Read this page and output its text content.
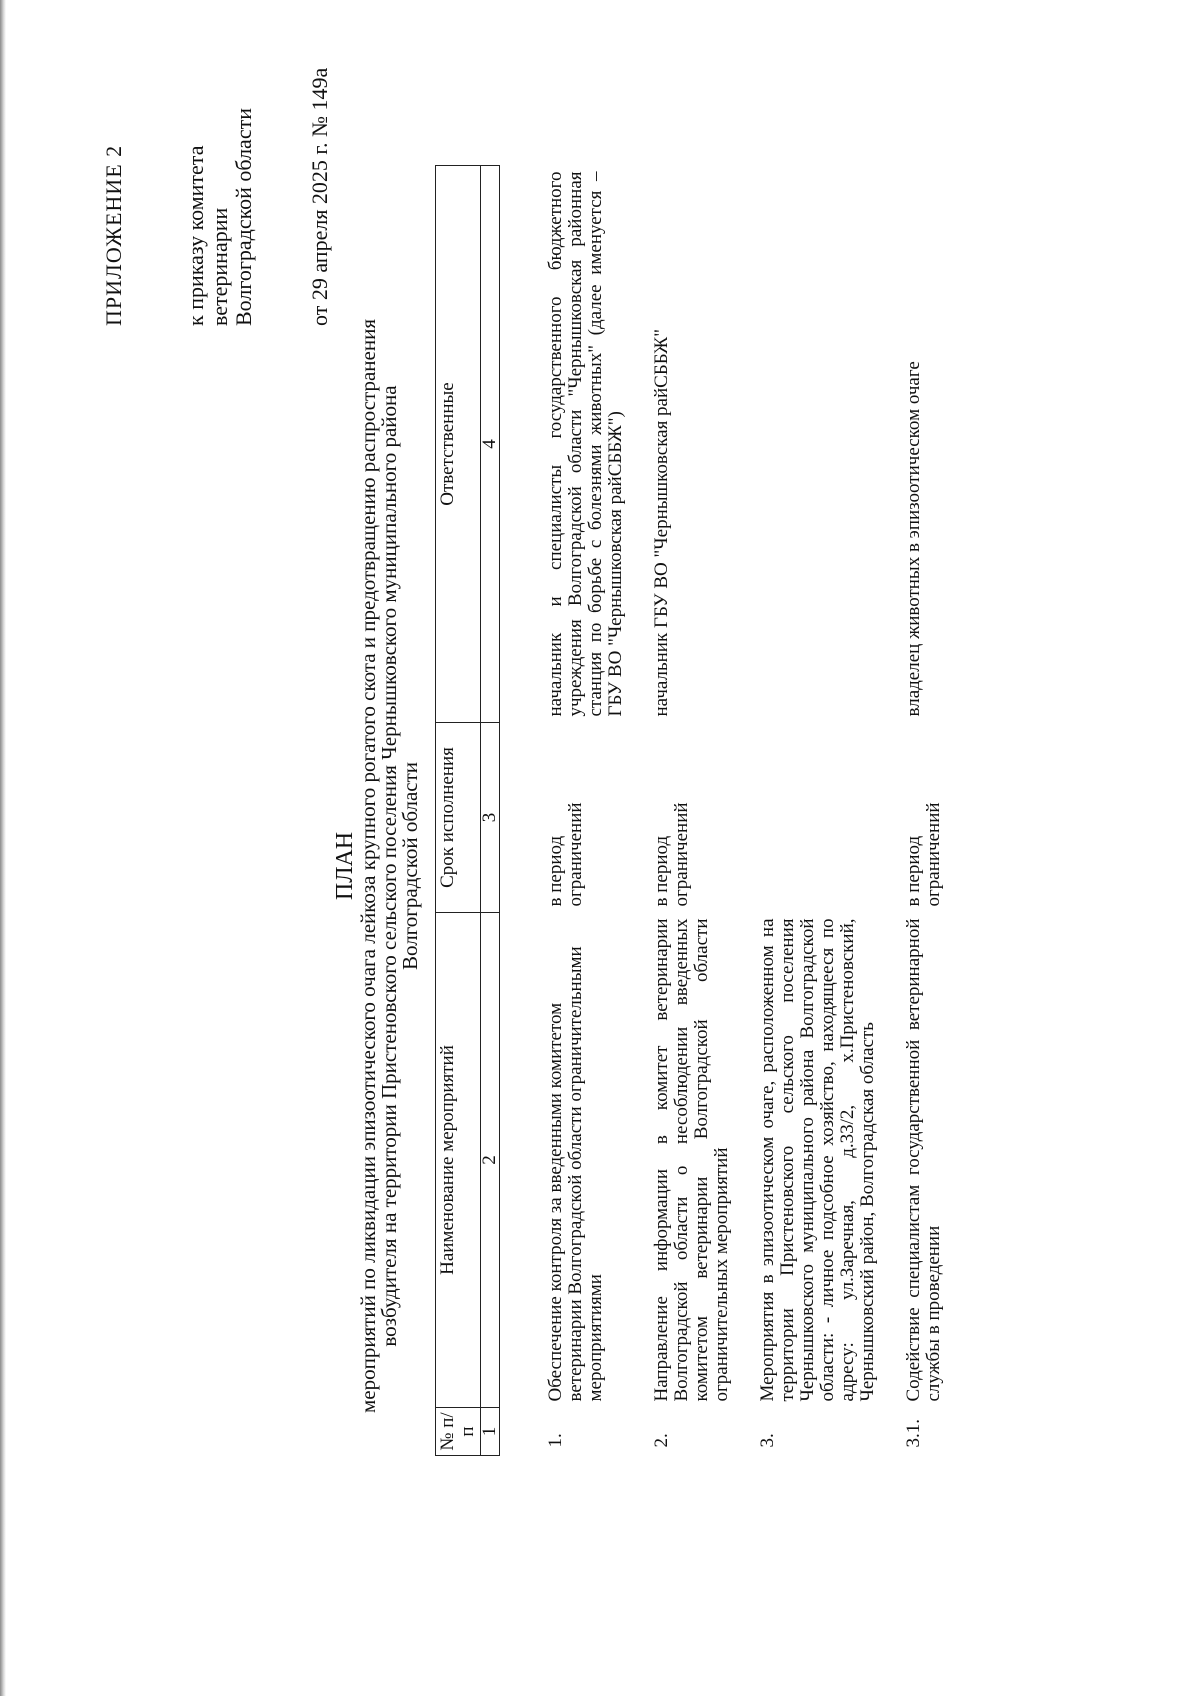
ПРИЛОЖЕНИЕ 2	к приказу комитета ветеринарии Волгоградской области от 29 апреля 2025 г. № 149а
ПЛАН
мероприятий по ликвидации эпизоотического очага лейкоза крупного рогатого скота и предотвращению распространения
возбудителя на территории Пристеновского сельского поселения Чернышковского муниципального района
Волгоградской области
№ п/п	Наименование мероприятий	Срок исполнения	Ответственные
1	2	3	4
1.	Обеспечение контроля за введенными комитетом ветеринарии Волгоградской области ограничительными мероприятиями	в период ограничений	начальник и специалисты государственного бюджетного учреждения Волгоградской области "Чернышковская районная станция по борьбе с болезнями животных" (далее именуется – ГБУ ВО "Чернышковская райСББЖ")
2.	Направление информации в комитет ветеринарии Волгоградской области о несоблюдении введенных комитетом ветеринарии Волгоградской области ограничительных мероприятий	в период ограничений	начальник ГБУ ВО "Чернышковская райСББЖ"
3.	Мероприятия в эпизоотическом очаге, расположенном на территории Пристеновского сельского поселения Чернышковского муниципального района Волгоградской области: - личное подсобное хозяйство, находящееся по адресу: ул.Заречная, д.33/2, х.Пристеновский, Чернышковский район, Волгоградская область		
3.1.	Содействие специалистам государственной ветеринарной службы в проведении	в период ограничений	владелец животных в эпизоотическом очаге
